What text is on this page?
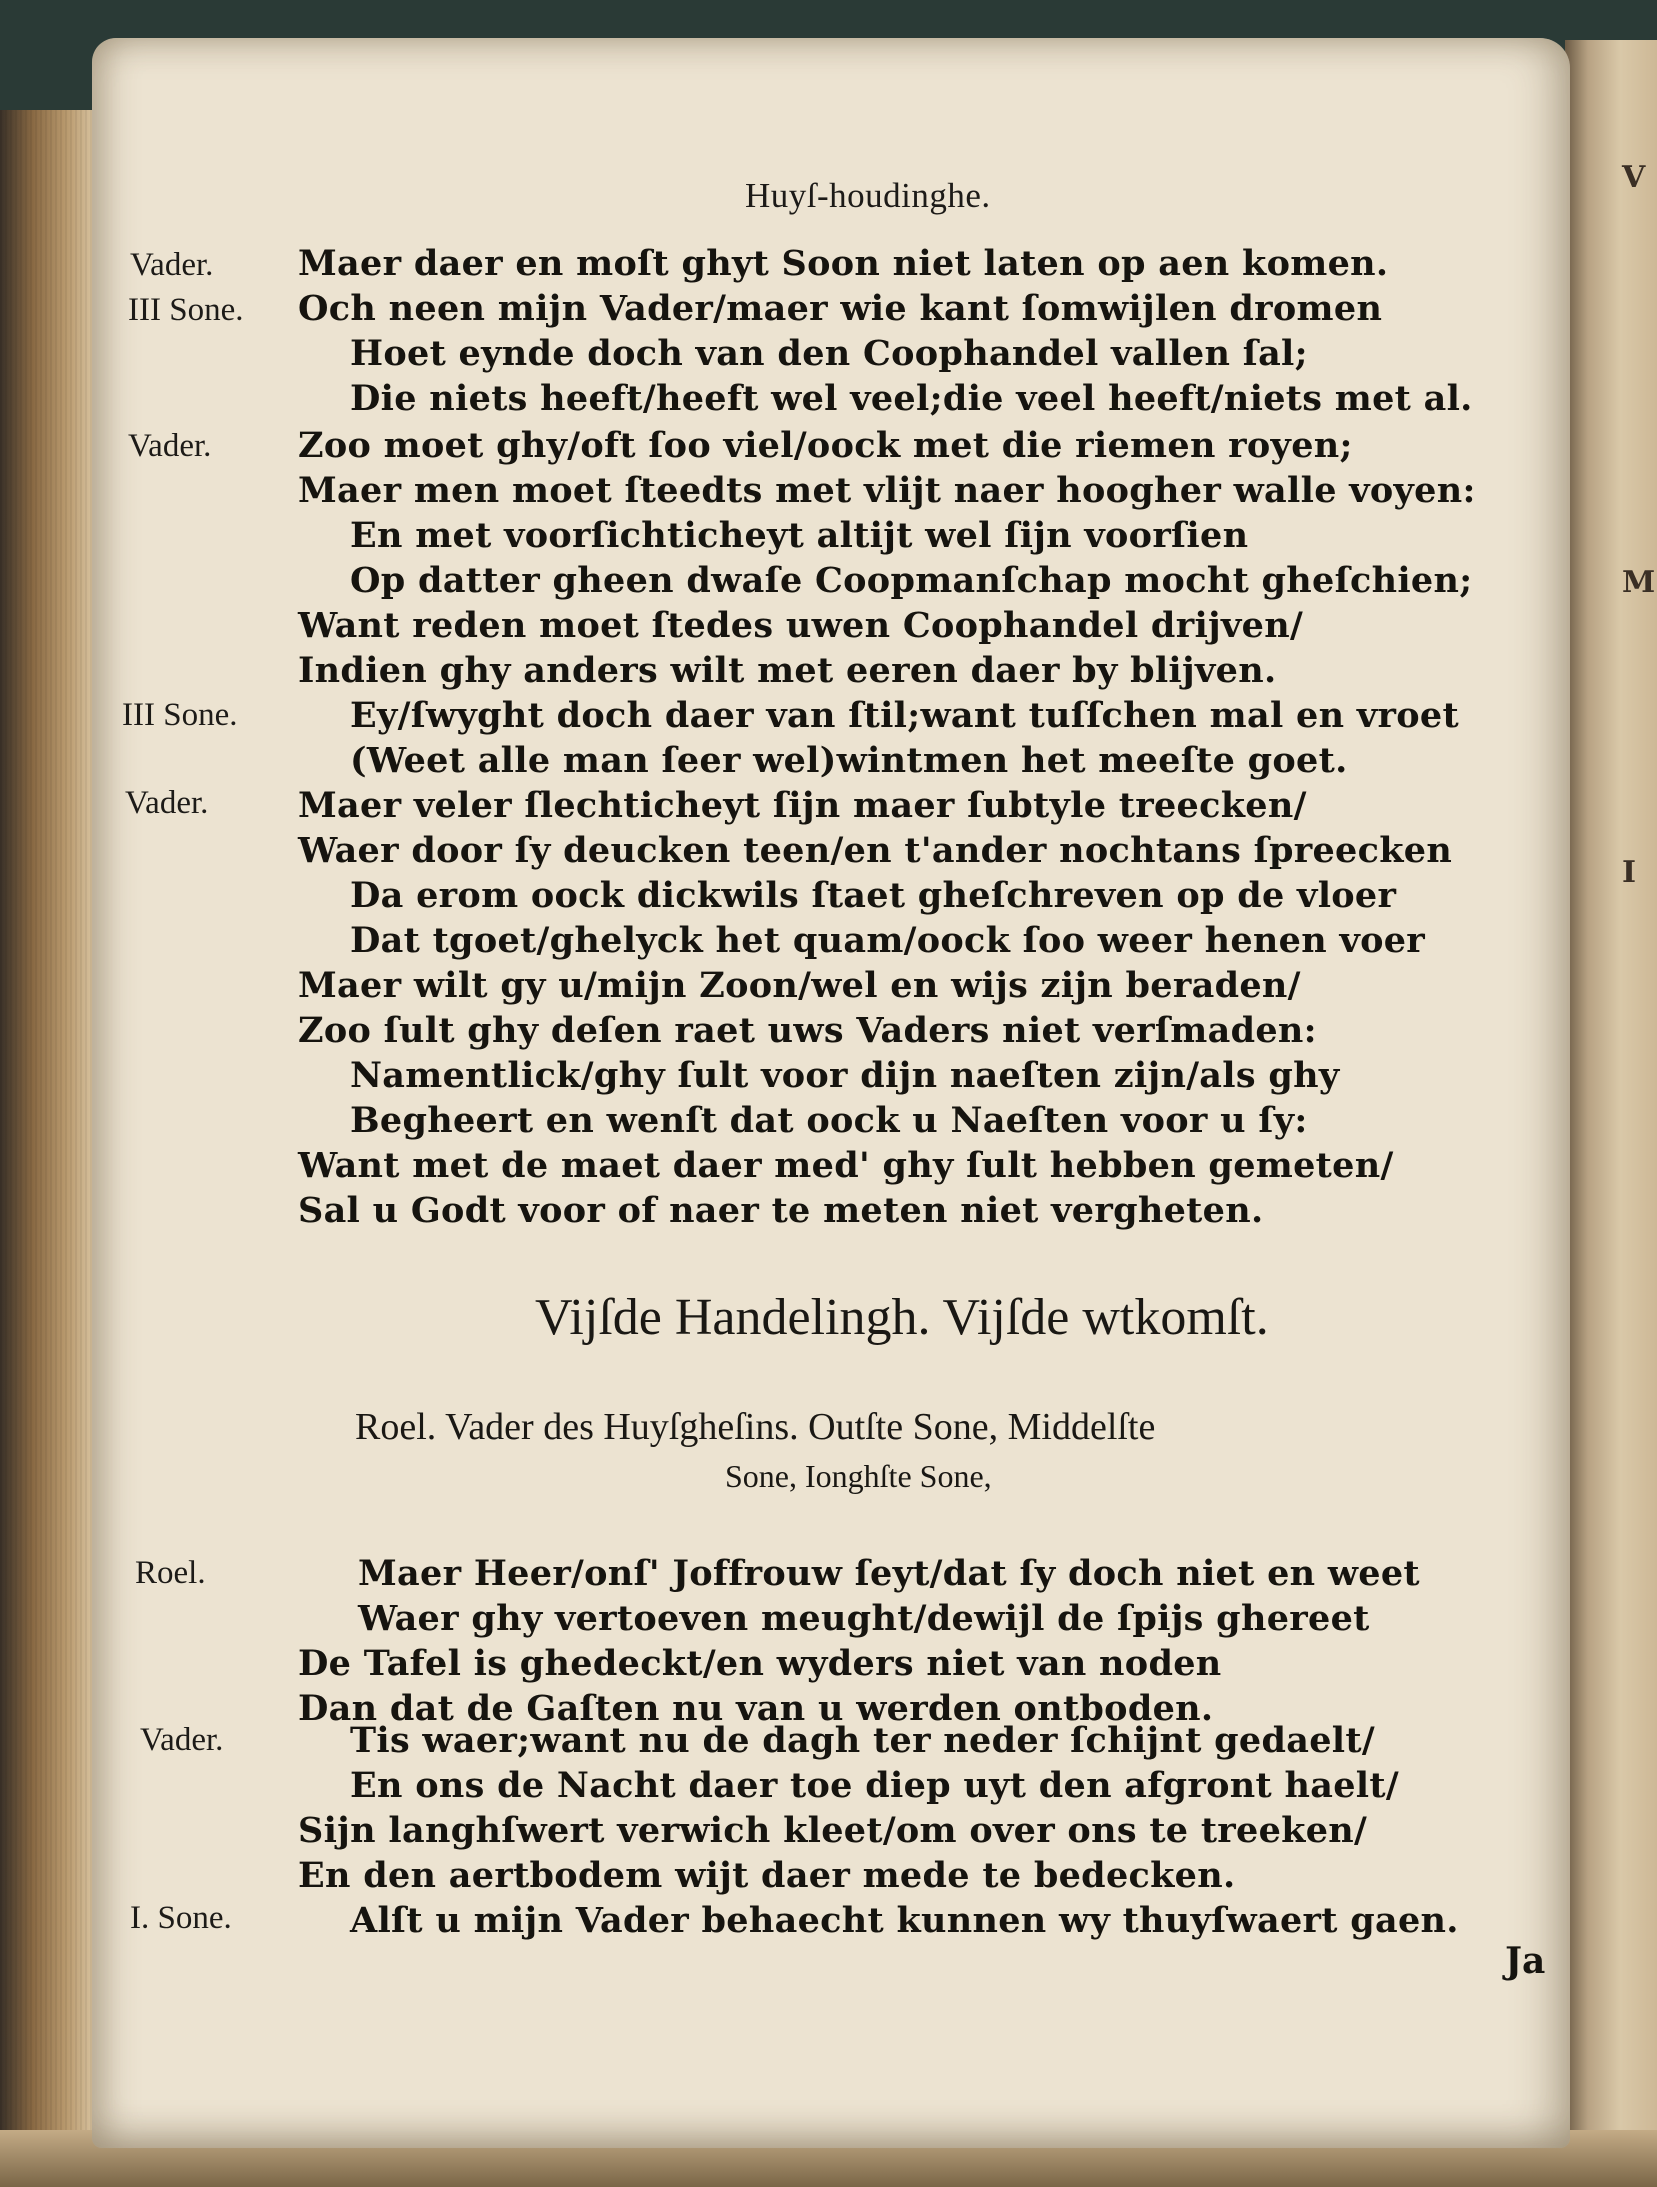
V
M
I
Huyſ-houdinghe.
Vader.
III Sone.
Vader.
III Sone.
Vader.
Roel.
Vader.
I. Sone.
Maer daer en moſt ghyt Soon niet laten op aen komen.
Och neen mijn Vader/maer wie kant ſomwijlen dromen
Hoet eynde doch van den Coophandel vallen ſal;
Die niets heeft/heeft wel veel;die veel heeft/niets met al.
Zoo moet ghy/oft ſoo viel/oock met die riemen royen;
Maer men moet ſteedts met vlijt naer hoogher walle voyen:
En met voorſichticheyt altijt wel ſijn voorſien
Op datter gheen dwaſe Coopmanſchap mocht gheſchien;
Want reden moet ſtedes uwen Coophandel drijven/
Indien ghy anders wilt met eeren daer by blijven.
Ey/ſwyght doch daer van ſtil;want tuſſchen mal en vroet
(Weet alle man ſeer wel)wintmen het meeſte goet.
Maer veler ſlechticheyt ſijn maer ſubtyle treecken/
Waer door ſy deucken teen/en t'ander nochtans ſpreecken
Da erom oock dickwils ſtaet gheſchreven op de vloer
Dat tgoet/ghelyck het quam/oock ſoo weer henen voer
Maer wilt gy u/mijn Zoon/wel en wijs zijn beraden/
Zoo ſult ghy deſen raet uws Vaders niet verſmaden:
Namentlick/ghy ſult voor dijn naeſten zijn/als ghy
Begheert en wenſt dat oock u Naeſten voor u ſy:
Want met de maet daer med' ghy ſult hebben gemeten/
Sal u Godt voor of naer te meten niet vergheten.
Vijſde Handelingh. Vijſde wtkomſt.
Roel. Vader des Huyſgheſins. Outſte Sone, Middelſte
Sone, Ionghſte Sone,
Maer Heer/onſ' Joffrouw ſeyt/dat ſy doch niet en weet
Waer ghy vertoeven meught/dewijl de ſpijs ghereet
De Tafel is ghedeckt/en wyders niet van noden
Dan dat de Gaſten nu van u werden ontboden.
Tis waer;want nu de dagh ter neder ſchijnt gedaelt/
En ons de Nacht daer toe diep uyt den afgront haelt/
Sijn langhſwert verwich kleet/om over ons te treeken/
En den aertbodem wijt daer mede te bedecken.
Alſt u mijn Vader behaecht kunnen wy thuyſwaert gaen.
Ja
